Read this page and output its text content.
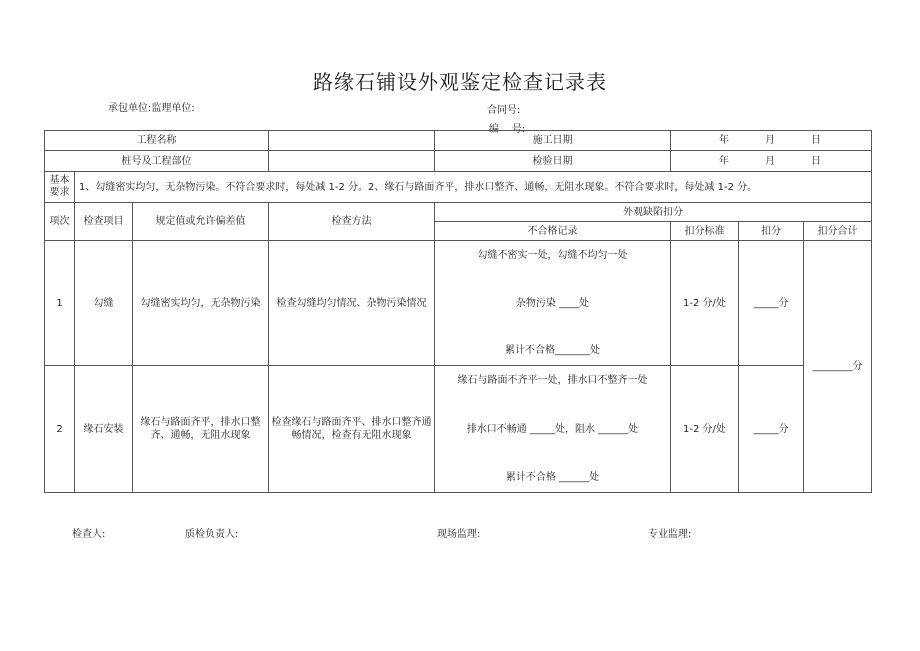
路缘石铺设外观鉴定检查记录表
承包单位:监理单位:	合同号:
编    号:
工程名称				施工日期	年 月 日		

桩号及工程部位				检验日期	年 月 日		

基本
要求	1、勾缝密实均匀，无杂物污染。不符合要求时，每处减 1-2 分。2、缘石与路面齐平，排水口整齐、通畅，无阻水现象。不符合要求时，每处减 1-2 分。						
项次	检查项目	规定值或允许偏差值	检查方法	外观缺陷扣分			
				不合格记录	扣分标准	扣分	扣分合计
1	勾缝	勾缝密实均匀，无杂物污染	检查勾缝均匀情况、杂物污染情况	勾缝不密实一处，勾缝不均匀一处
杂物污染 ____处
累计不合格_______处	1-2 分/处	_____分	________分
2	缘石安装	缘石与路面齐平，排水口整齐、通畅，无阻水现象	检查缘石与路面齐平、排水口整齐通畅情况，检查有无阻水现象	缘石与路面不齐平一处，排水口不整齐一处
排水口不畅通 _____处，阻水 ______处
累计不合格 ______处	1-2 分/处	_____分	
检查人:	质检负责人:	现场监理:	专业监理:
